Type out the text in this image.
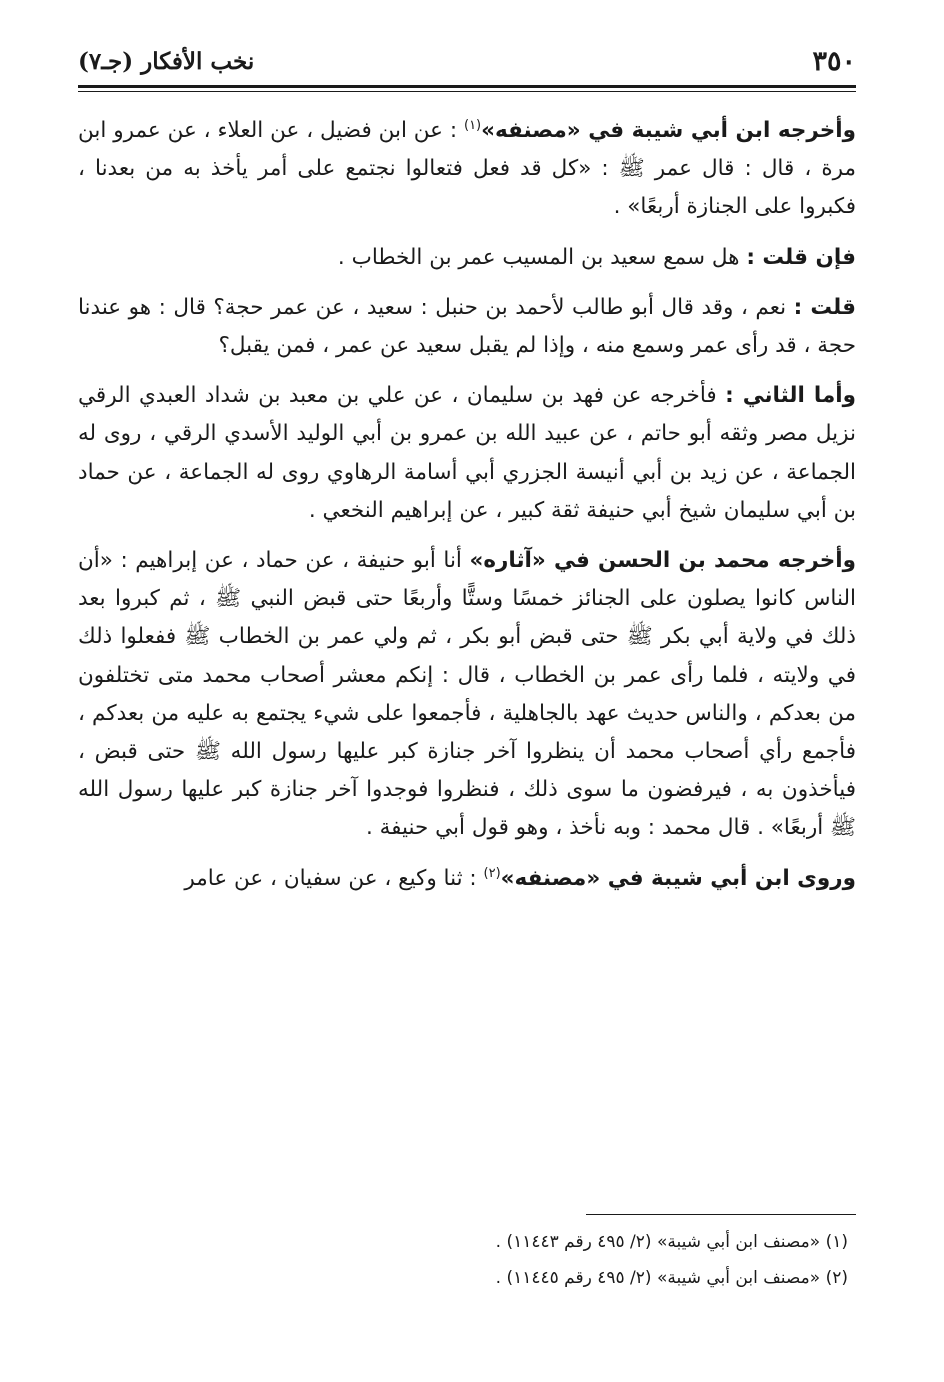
٣٥٠
نخب الأفكار (جـ٧)

وأخرجه ابن أبي شيبة في «مصنفه»$^{(١)}$ : عن ابن فضيل ، عن العلاء ، عن عمرو ابن مرة ، قال : قال عمر ﷺ : «كل قد فعل فتعالوا نجتمع على أمر يأخذ به من بعدنا ، فكبروا على الجنازة أربعًا» .

فإن قلت : هل سمع سعيد بن المسيب عمر بن الخطاب .

قلت : نعم ، وقد قال أبو طالب لأحمد بن حنبل : سعيد ، عن عمر حجة؟ قال : هو عندنا حجة ، قد رأى عمر وسمع منه ، وإذا لم يقبل سعيد عن عمر ، فمن يقبل؟

وأما الثاني : فأخرجه عن فهد بن سليمان ، عن علي بن معبد بن شداد العبدي الرقي نزيل مصر وثقه أبو حاتم ، عن عبيد الله بن عمرو بن أبي الوليد الأسدي الرقي ، روى له الجماعة ، عن زيد بن أبي أنيسة الجزري أبي أسامة الرهاوي روى له الجماعة ، عن حماد بن أبي سليمان شيخ أبي حنيفة ثقة كبير ، عن إبراهيم النخعي .

وأخرجه محمد بن الحسن في «آثاره» أنا أبو حنيفة ، عن حماد ، عن إبراهيم : «أن الناس كانوا يصلون على الجنائز خمسًا وستًّا وأربعًا حتى قبض النبي ﷺ ، ثم كبروا بعد ذلك في ولاية أبي بكر ﷺ حتى قبض أبو بكر ، ثم ولي عمر بن الخطاب ﷺ ففعلوا ذلك في ولايته ، فلما رأى عمر بن الخطاب ، قال : إنكم معشر أصحاب محمد متى تختلفون من بعدكم ، والناس حديث عهد بالجاهلية ، فأجمعوا على شيء يجتمع به عليه من بعدكم ، فأجمع رأي أصحاب محمد أن ينظروا آخر جنازة كبر عليها رسول الله ﷺ حتى قبض ، فيأخذون به ، فيرفضون ما سوى ذلك ، فنظروا فوجدوا آخر جنازة كبر عليها رسول الله ﷺ أربعًا» . قال محمد : وبه نأخذ ، وهو قول أبي حنيفة .

وروى ابن أبي شيبة في «مصنفه»$^{(٢)}$ : ثنا وكيع ، عن سفيان ، عن عامر

(١) «مصنف ابن أبي شيبة» (٢/ ٤٩٥ رقم ١١٤٤٣) .

(٢) «مصنف ابن أبي شيبة» (٢/ ٤٩٥ رقم ١١٤٤٥) .
